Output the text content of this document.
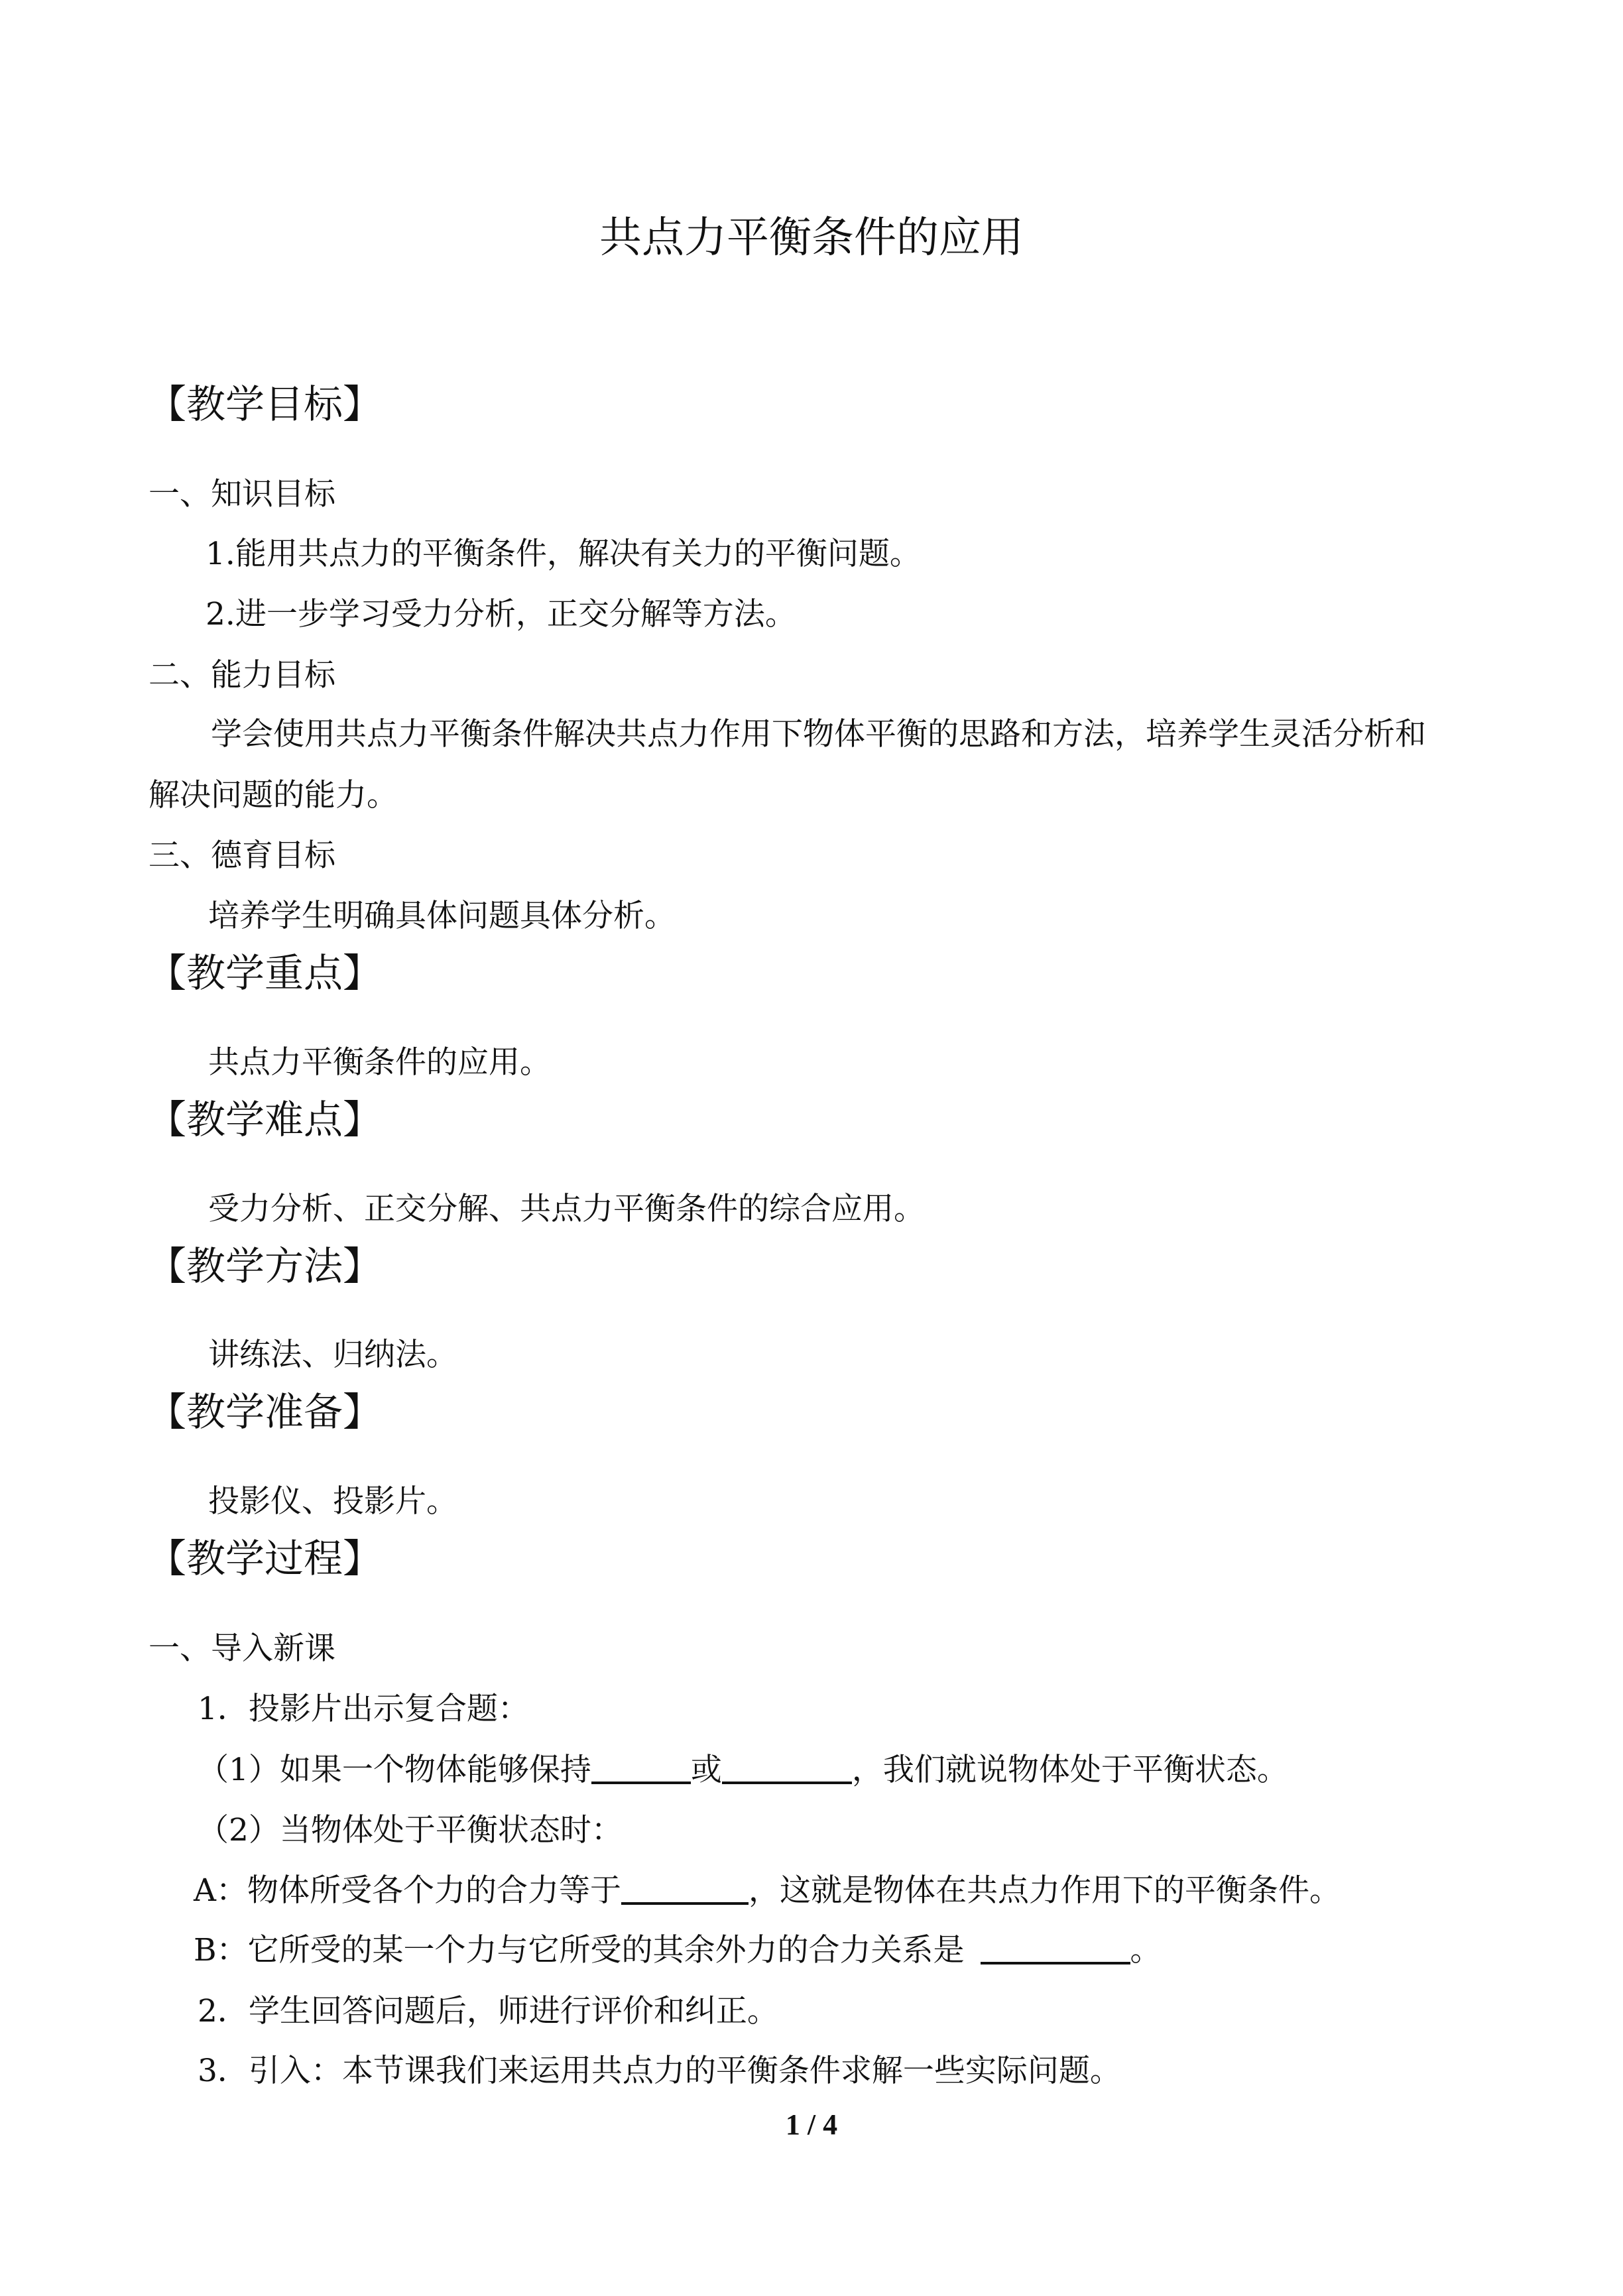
共点力平衡条件的应用
【教学目标】
一、知识目标
1.能用共点力的平衡条件，解决有关力的平衡问题。
2.进一步学习受力分析，正交分解等方法。
二、能力目标
学会使用共点力平衡条件解决共点力作用下物体平衡的思路和方法，培养学生灵活分析和
解决问题的能力。
三、德育目标
培养学生明确具体问题具体分析。
【教学重点】
共点力平衡条件的应用。
【教学难点】
受力分析、正交分解、共点力平衡条件的综合应用。
【教学方法】
讲练法、归纳法。
【教学准备】
投影仪、投影片。
【教学过程】
一、导入新课
1．投影片出示复合题：
（1）如果一个物体能够保持	或	，我们就说物体处于平衡状态。
（2）当物体处于平衡状态时：
A：物体所受各个力的合力等于	，这就是物体在共点力作用下的平衡条件。
B：它所受的某一个力与它所受的其余外力的合力关系是	。
2．学生回答问题后，师进行评价和纠正。
3．引入：本节课我们来运用共点力的平衡条件求解一些实际问题。
1 / 4
